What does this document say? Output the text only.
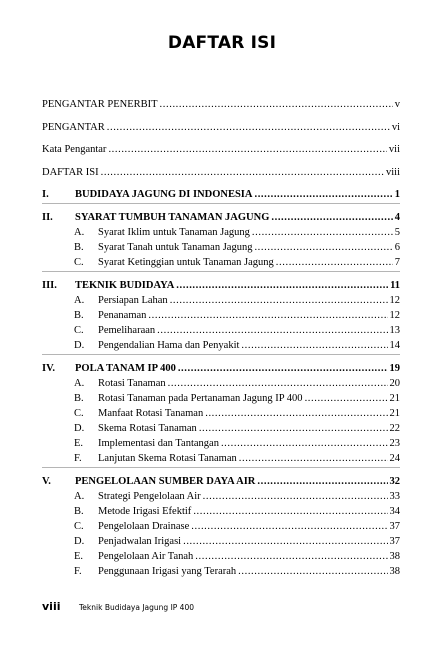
DAFTAR ISI
PENGANTAR PENERBIT .....	v
PENGANTAR .....	vi
Kata Pengantar .....	vii
DAFTAR ISI .....	viii
I.	BUDIDAYA JAGUNG DI INDONESIA .....	1
II.	SYARAT TUMBUH TANAMAN JAGUNG .....	4
A.	Syarat Iklim untuk Tanaman Jagung .....	5
B.	Syarat Tanah untuk Tanaman Jagung .....	6
C.	Syarat Ketinggian untuk Tanaman Jagung .....	7
III.	TEKNIK BUDIDAYA .....	11
A.	Persiapan Lahan .....	12
B.	Penanaman .....	12
C.	Pemeliharaan .....	13
D.	Pengendalian Hama dan Penyakit .....	14
IV.	POLA TANAM IP 400 .....	19
A.	Rotasi Tanaman .....	20
B.	Rotasi Tanaman pada Pertanaman Jagung IP 400 .....	21
C.	Manfaat Rotasi Tanaman .....	21
D.	Skema Rotasi Tanaman .....	22
E.	Implementasi dan Tantangan .....	23
F.	Lanjutan Skema Rotasi Tanaman .....	24
V.	PENGELOLAAN SUMBER DAYA AIR .....	32
A.	Strategi Pengelolaan Air .....	33
B.	Metode Irigasi Efektif .....	34
C.	Pengelolaan Drainase .....	37
D.	Penjadwalan Irigasi .....	37
E.	Pengelolaan Air Tanah .....	38
F.	Penggunaan Irigasi yang Terarah .....	38
viii	Teknik Budidaya Jagung IP 400
